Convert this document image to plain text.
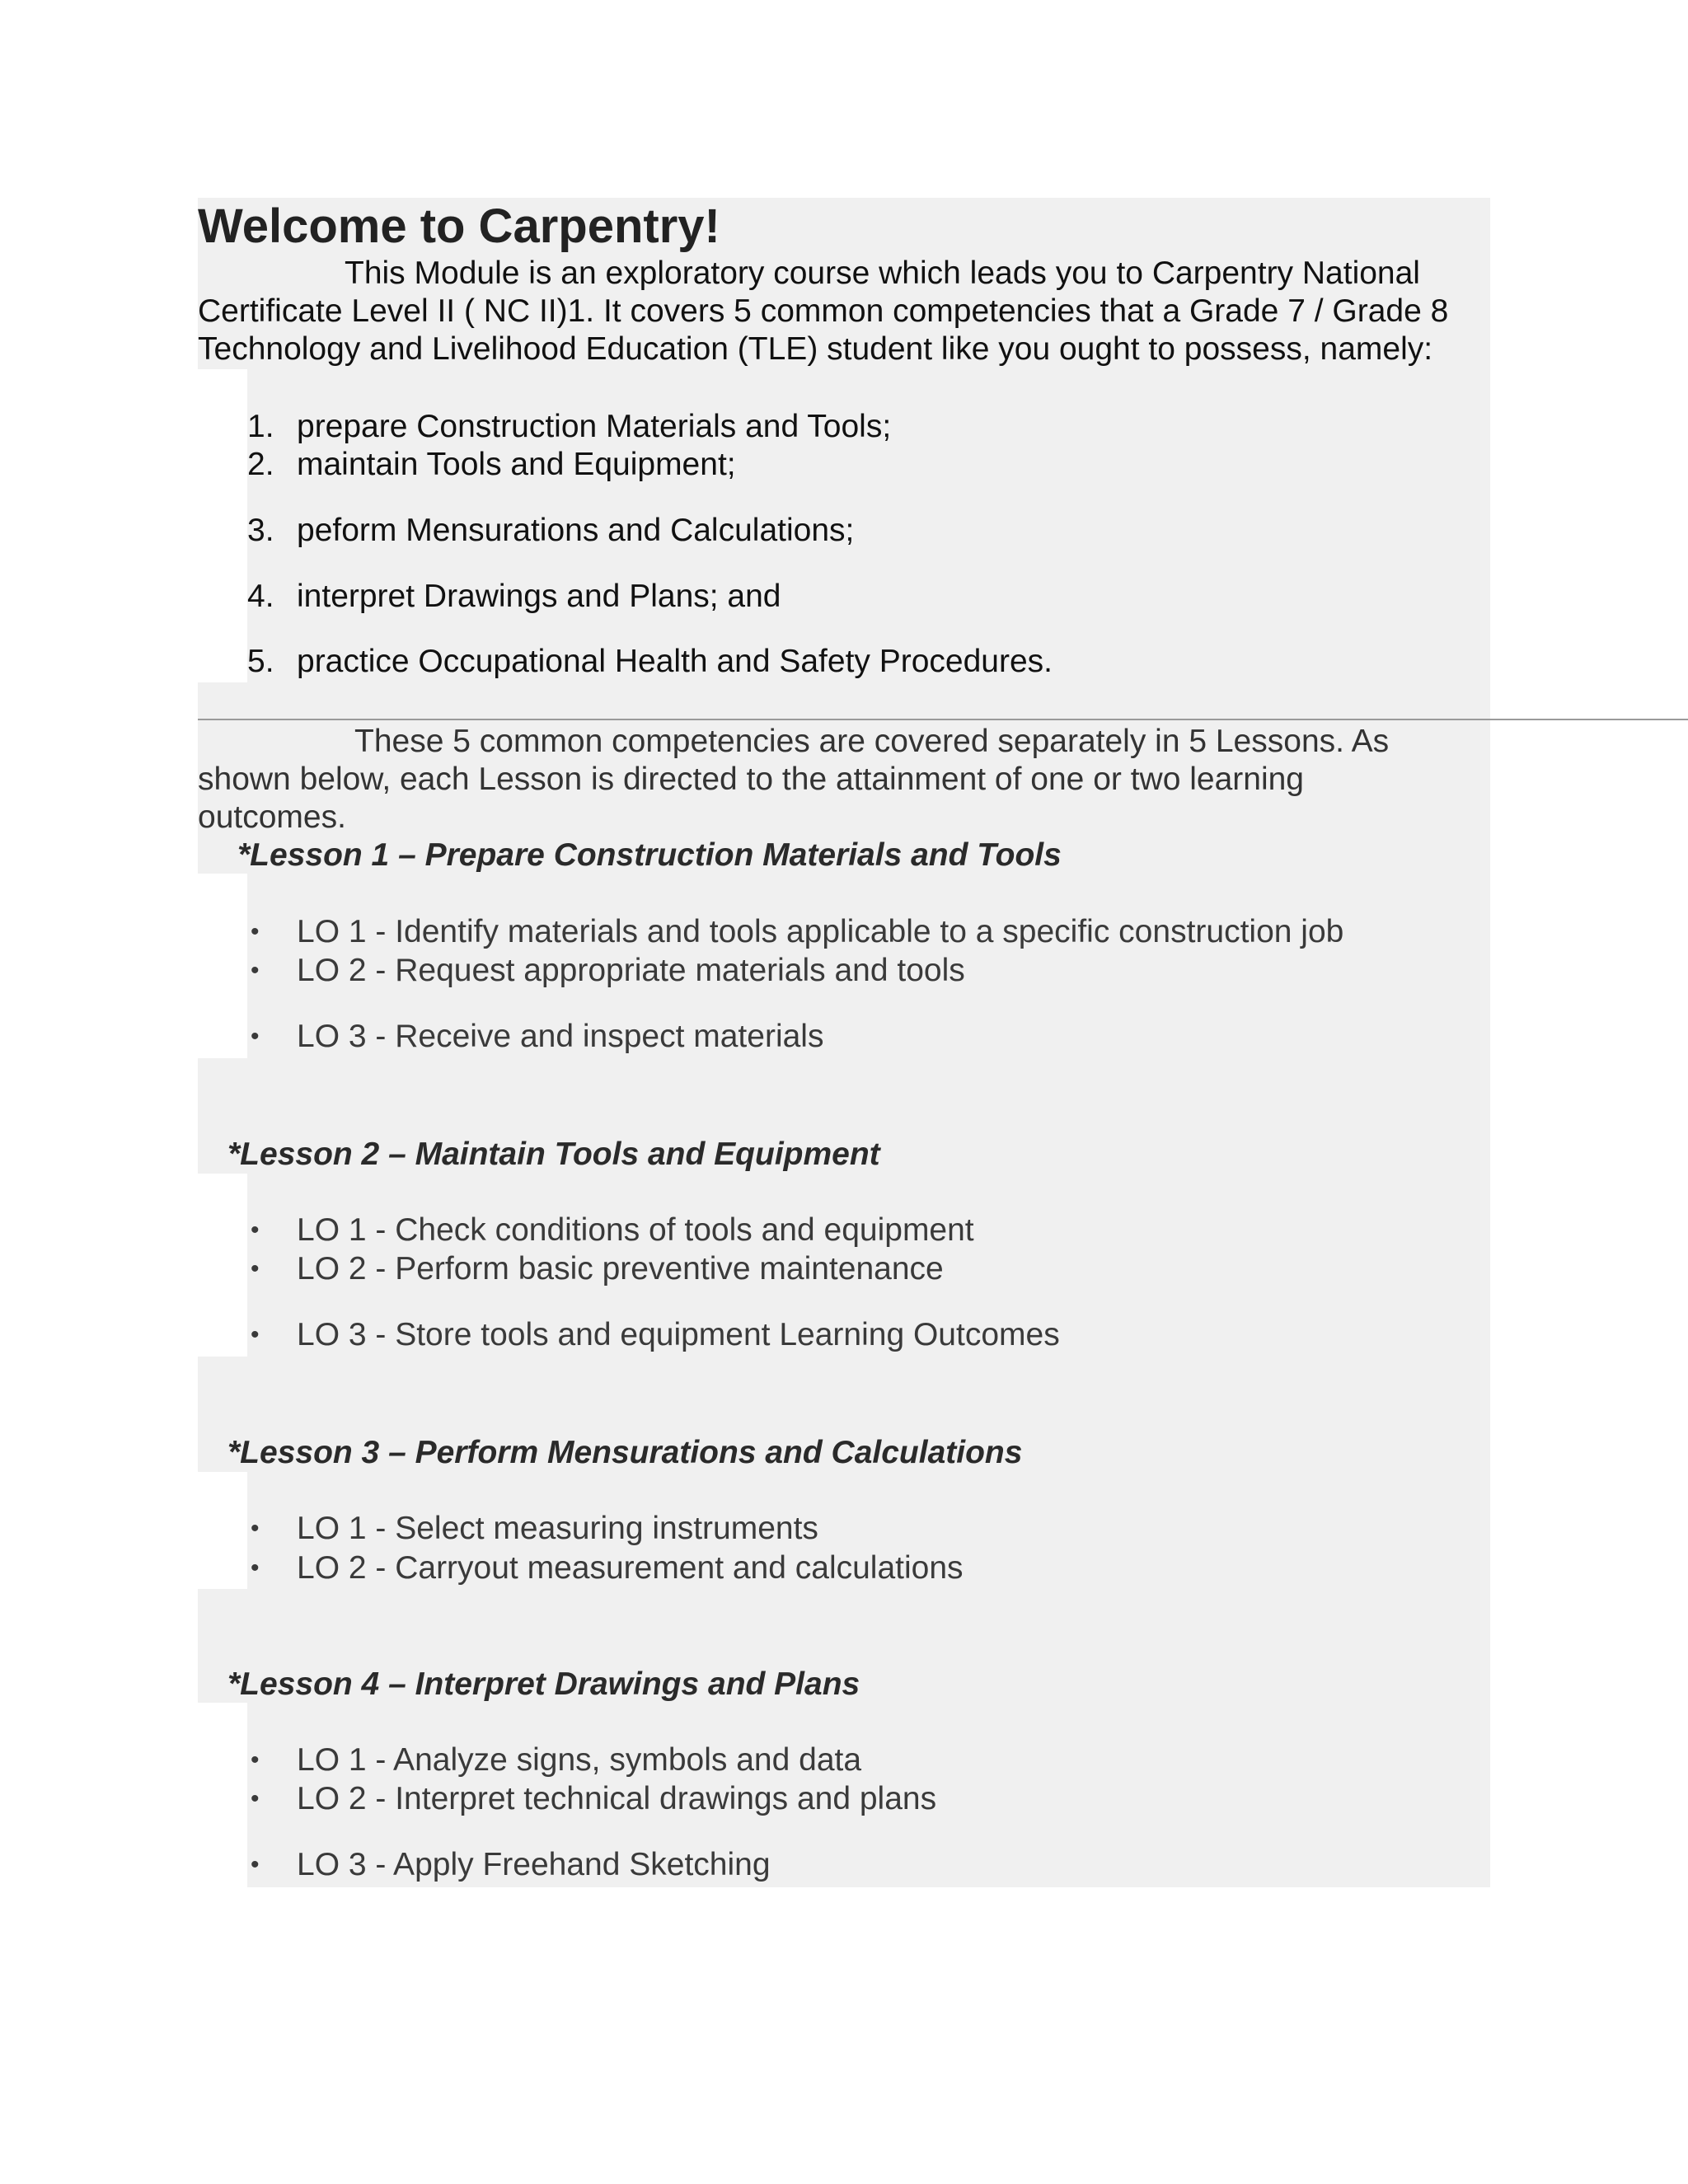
Welcome to Carpentry!
This Module is an exploratory course which leads you to Carpentry National
Certificate Level II ( NC II)1. It covers 5 common competencies that a Grade 7 / Grade 8
Technology and Livelihood Education (TLE) student like you ought to possess, namely:
1. prepare Construction Materials and Tools;
2. maintain Tools and Equipment;
3. peform Mensurations and Calculations;
4. interpret Drawings and Plans; and
5. practice Occupational Health and Safety Procedures.
These 5 common competencies are covered separately in 5 Lessons. As
shown below, each Lesson is directed to the attainment of one or two learning
outcomes.
*Lesson 1 – Prepare Construction Materials and Tools
• LO 1 - Identify materials and tools applicable to a specific construction job
• LO 2 - Request appropriate materials and tools
• LO 3 - Receive and inspect materials
*Lesson 2 – Maintain Tools and Equipment
• LO 1 - Check conditions of tools and equipment
• LO 2 - Perform basic preventive maintenance
• LO 3 - Store tools and equipment Learning Outcomes
*Lesson 3 – Perform Mensurations and Calculations
• LO 1 - Select measuring instruments
• LO 2 - Carryout measurement and calculations
*Lesson 4 – Interpret Drawings and Plans
• LO 1 - Analyze signs, symbols and data
• LO 2 - Interpret technical drawings and plans
• LO 3 - Apply Freehand Sketching
